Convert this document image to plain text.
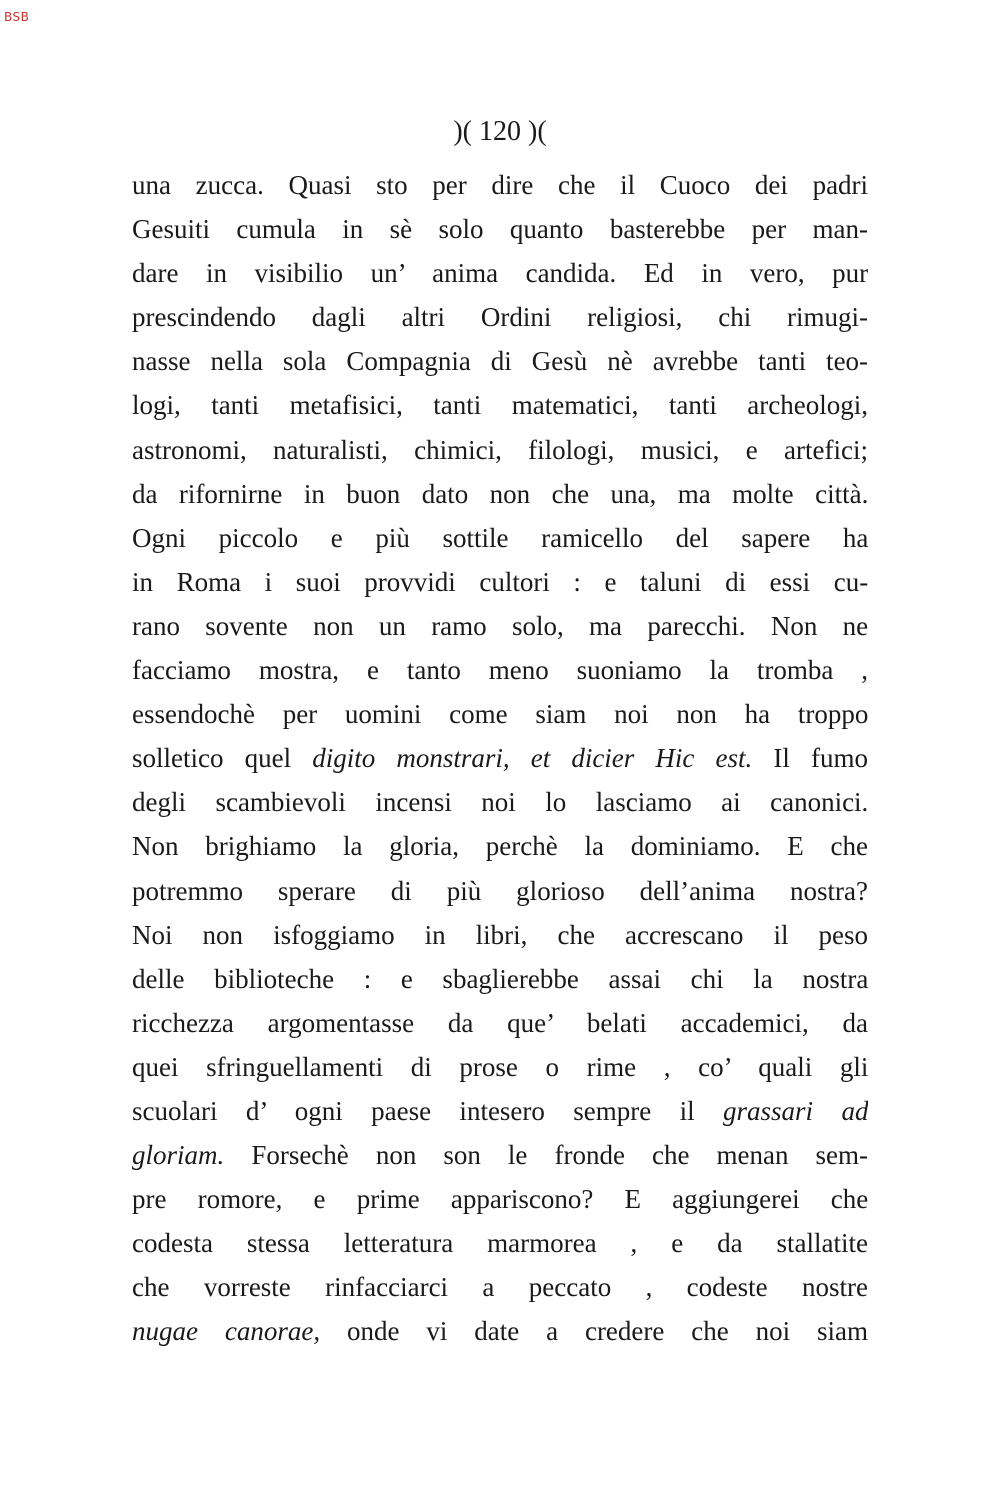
BSB
)( 120 )(
una zucca. Quasi sto per dire che il Cuoco dei padri
Gesuiti cumula in sè solo quanto basterebbe per man-
dare in visibilio un’ anima candida. Ed in vero, pur
prescindendo dagli altri Ordini religiosi, chi rimugi-
nasse nella sola Compagnia di Gesù nè avrebbe tanti teo-
logi, tanti metafisici, tanti matematici, tanti archeologi,
astronomi, naturalisti, chimici, filologi, musici, e artefici;
da rifornirne in buon dato non che una, ma molte città.
Ogni piccolo e più sottile ramicello del sapere ha
in Roma i suoi provvidi cultori : e taluni di essi cu-
rano sovente non un ramo solo, ma parecchi. Non ne
facciamo mostra, e tanto meno suoniamo la tromba ,
essendochè per uomini come siam noi non ha troppo
solletico quel digito monstrari, et dicier Hic est. Il fumo
degli scambievoli incensi noi lo lasciamo ai canonici.
Non brighiamo la gloria, perchè la dominiamo. E che
potremmo sperare di più glorioso dell’anima nostra?
Noi non isfoggiamo in libri, che accrescano il peso
delle biblioteche : e sbaglierebbe assai chi la nostra
ricchezza argomentasse da que’ belati accademici, da
quei sfringuellamenti di prose o rime , co’ quali gli
scuolari d’ ogni paese intesero sempre il grassari ad
gloriam. Forsechè non son le fronde che menan sem-
pre romore, e prime appariscono? E aggiungerei che
codesta stessa letteratura marmorea , e da stallatite
che vorreste rinfacciarci a peccato , codeste nostre
nugae canorae, onde vi date a credere che noi siam
